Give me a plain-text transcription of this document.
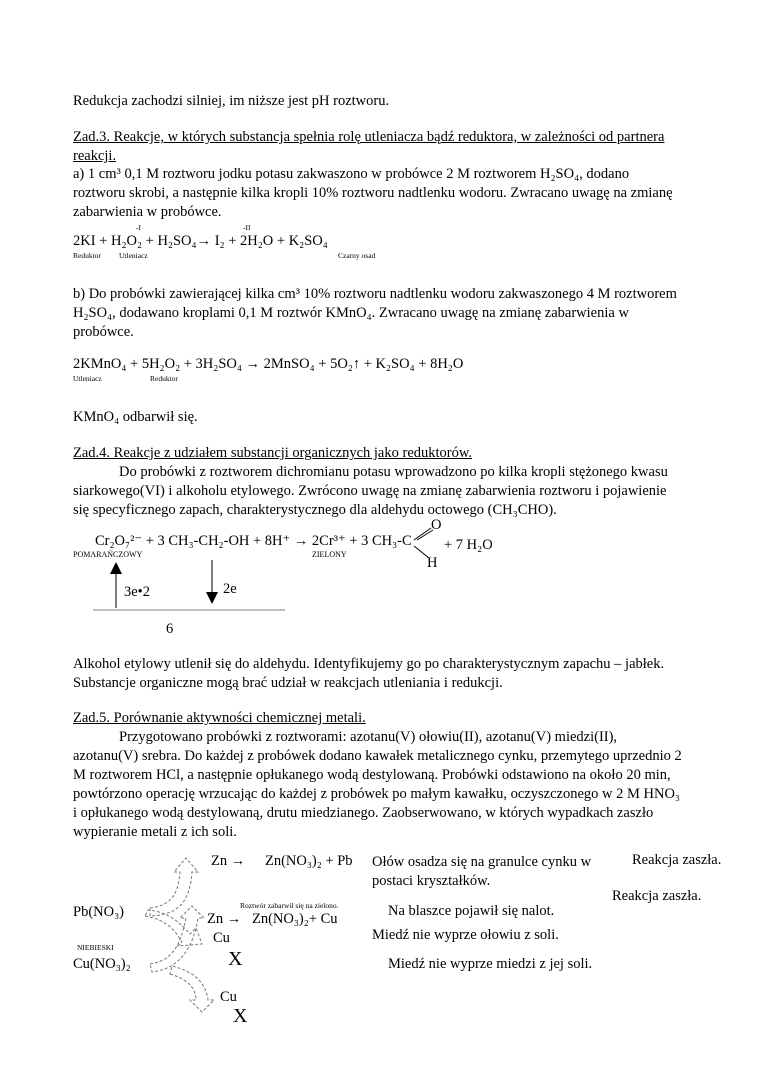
Redukcja zachodzi silniej, im niższe jest pH roztworu.
Zad.3. Reakcje, w których substancja spełnia rolę utleniacza bądź reduktora, w zależności od partnera reakcji.
a) 1 cm³ 0,1 M roztworu jodku potasu zakwaszono w probówce 2 M roztworem H₂SO₄, dodano roztworu skrobi, a następnie kilka kropli 10% roztworu nadtlenku wodoru. Zwracano uwagę na zmianę zabarwienia w probówce.
-I	-II
2KI + H₂O₂ + H₂SO₄→ I₂ + 2H₂O + K₂SO₄
Reduktor Utleniacz	Czarny osad
b) Do probówki zawierającej kilka cm³ 10% roztworu nadtlenku wodoru zakwaszonego 4 M roztworem H₂SO₄, dodawano kroplami 0,1 M roztwór KMnO₄. Zwracano uwagę na zmianę zabarwienia w probówce.
2KMnO₄ + 5H₂O₂ + 3H₂SO₄ → 2MnSO₄ + 5O₂↑ + K₂SO₄ + 8H₂O
Utleniacz	Reduktor
KMnO₄ odbarwił się.
Zad.4. Reakcje z udziałem substancji organicznych jako reduktorów.
Do probówki z roztworem dichromianu potasu wprowadzono po kilka kropli stężonego kwasu siarkowego(VI) i alkoholu etylowego. Zwrócono uwagę na zmianę zabarwienia roztworu i pojawienie się specyficznego zapach, charakterystycznego dla aldehydu octowego (CH₃CHO).
Cr₂O₇²⁻ + 3 CH₃-CH₂-OH + 8H⁺ → 2Cr³⁺ + 3 CH₃-C
O
H
+ 7 H₂O
POMARAŃCZOWY	ZIELONY
3e•2	2e
6
Alkohol etylowy utlenił się do aldehydu. Identyfikujemy go po charakterystycznym zapachu – jabłek. Substancje organiczne mogą brać udział w reakcjach utleniania i redukcji.
Zad.5. Porównanie aktywności chemicznej metali.
Przygotowano probówki z roztworami: azotanu(V) ołowiu(II), azotanu(V) miedzi(II), azotanu(V) srebra. Do każdej z probówek dodano kawałek metalicznego cynku, przemytego uprzednio 2 M roztworem HCl, a następnie opłukanego wodą destylowaną. Probówki odstawiono na około 20 min, powtórzono operację wrzucając do każdej z probówek po małym kawałku, oczyszczonego w 2 M HNO₃ i opłukanego wodą destylowaną, drutu miedzianego. Zaobserwowano, w których wypadkach zaszło wypieranie metali z ich soli.
Zn → Zn(NO₃)₂ + Pb Ołów osadza się na granulce cynku w postaci kryształków.
Reakcja zaszła.
Reakcja zaszła.
Pb(NO₃)	Roztwór zabarwił się na zielono.
Zn → Zn(NO₃)₂+ Cu	Na blaszce pojawił się nalot.
Cu	Miedź nie wyprze ołowiu z soli.
NIEBIESKI
Cu(NO₃)₂	X	Miedź nie wyprze miedzi z jej soli.
Cu
X
